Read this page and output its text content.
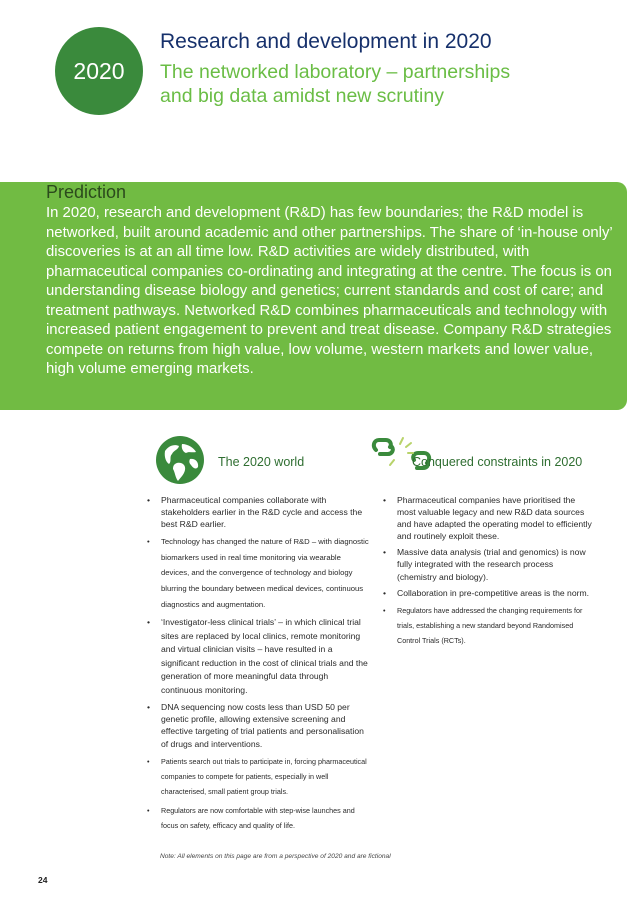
2020
Research and development in 2020
The networked laboratory – partnerships
and big data amidst new scrutiny
Prediction
In 2020, research and development (R&D) has few boundaries; the R&D model is networked, built around academic and other partnerships. The share of ‘in-house only’ discoveries is at an all time low. R&D activities are widely distributed, with pharmaceutical companies co-ordinating and integrating at the centre. The focus is on understanding disease biology and genetics; current standards and cost of care; and treatment pathways. Networked R&D combines pharmaceuticals and technology with increased patient engagement to prevent and treat disease. Company R&D strategies compete on returns from high value, low volume, western markets and lower value, high volume emerging markets.
The 2020 world	Conquered constraints in 2020
• Pharmaceutical companies collaborate with stakeholders earlier in the R&D cycle and access the best R&D earlier.
• Technology has changed the nature of R&D – with diagnostic biomarkers used in real time monitoring via wearable devices, and the convergence of technology and biology blurring the boundary between medical devices, continuous diagnostics and augmentation.
• ‘Investigator-less clinical trials’ – in which clinical trial sites are replaced by local clinics, remote monitoring and virtual clinician visits – have resulted in a significant reduction in the cost of clinical trials and the generation of more meaningful data through continuous monitoring.
• DNA sequencing now costs less than USD 50 per genetic profile, allowing extensive screening and effective targeting of trial patients and personalisation of drugs and interventions.
• Patients search out trials to participate in, forcing pharmaceutical companies to compete for patients, especially in well characterised, small patient group trials.
• Regulators are now comfortable with step-wise launches and focus on safety, efficacy and quality of life.
• Pharmaceutical companies have prioritised the most valuable legacy and new R&D data sources and have adapted the operating model to efficiently and routinely exploit these.
• Massive data analysis (trial and genomics) is now fully integrated with the research process (chemistry and biology).
• Collaboration in pre-competitive areas is the norm.
• Regulators have addressed the changing requirements for trials, establishing a new standard beyond Randomised Control Trials (RCTs).
Note: All elements on this page are from a perspective of 2020 and are fictional
24
